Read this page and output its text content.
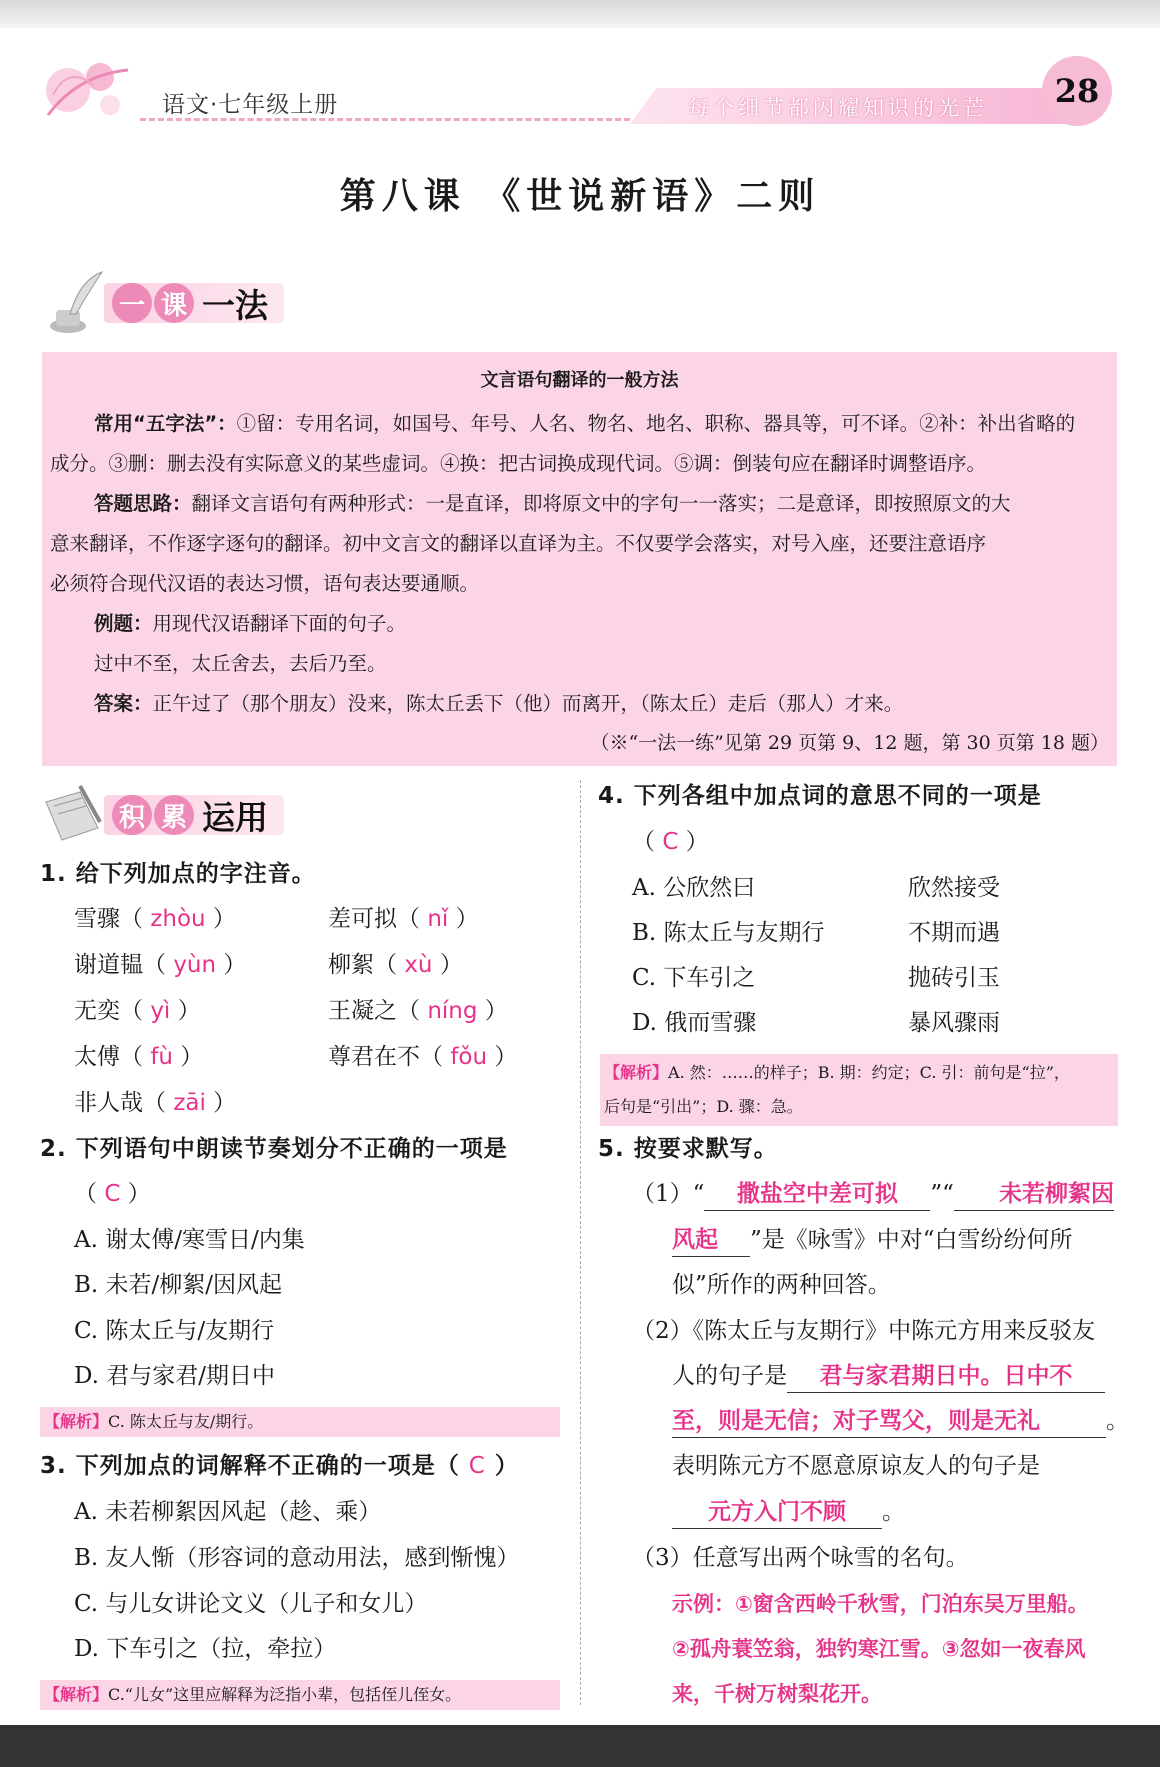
语文·七年级上册	每个细节都闪耀知识的光芒 28
第八课 《世说新语》二则
一 课 一法
文言语句翻译的一般方法
常用“五字法”：①留：专用名词，如国号、年号、人名、物名、地名、职称、器具等，可不译。②补：补出省略的
成分。③删：删去没有实际意义的某些虚词。④换：把古词换成现代词。⑤调：倒装句应在翻译时调整语序。
答题思路：翻译文言语句有两种形式：一是直译，即将原文中的字句一一落实；二是意译，即按照原文的大
意来翻译，不作逐字逐句的翻译。初中文言文的翻译以直译为主。不仅要学会落实，对号入座，还要注意语序
必须符合现代汉语的表达习惯，语句表达要通顺。
例题：用现代汉语翻译下面的句子。
过中不至，太丘舍去，去后乃至。
答案：正午过了（那个朋友）没来，陈太丘丢下（他）而离开，（陈太丘）走后（那人）才来。
（※“一法一练”见第 29 页第 9、12 题，第 30 页第 18 题）
积 累 运用
1. 给下列加点的字注音。
雪骤（ zhòu ）	差可拟（ nǐ ）
谢道韫（ yùn ）	柳絮（ xù ）
无奕（ yì ）	王凝之（ níng ）
太傅（ fù ）	尊君在不（ fǒu ）
非人哉（ zāi ）
2. 下列语句中朗读节奏划分不正确的一项是
（ C ）
A. 谢太傅/寒雪日/内集
B. 未若/柳絮/因风起
C. 陈太丘与/友期行
D. 君与家君/期日中
【解析】C. 陈太丘与友/期行。
3. 下列加点的词解释不正确的一项是（ C ）
A. 未若柳絮因风起（趁、乘）
B. 友人惭（形容词的意动用法，感到惭愧）
C. 与儿女讲论文义（儿子和女儿）
D. 下车引之（拉，牵拉）
【解析】C.“儿女”这里应解释为泛指小辈，包括侄儿侄女。
4. 下列各组中加点词的意思不同的一项是
（ C ）
A. 公欣然曰	欣然接受
B. 陈太丘与友期行	不期而遇
C. 下车引之	抛砖引玉
D. 俄而雪骤	暴风骤雨
【解析】A. 然：……的样子；B. 期：约定；C. 引：前句是“拉”，
后句是“引出”；D. 骤：急。
5. 按要求默写。
（1）“ 撒盐空中差可拟 ”“ 未若柳絮因
风起 ”是《咏雪》中对“白雪纷纷何所
似”所作的两种回答。
（2）《陈太丘与友期行》中陈元方用来反驳友
人的句子是 君与家君期日中。日中不
至，则是无信；对子骂父，则是无礼	。
表明陈元方不愿意原谅友人的句子是
元方入门不顾 。
（3）任意写出两个咏雪的名句。
示例：①窗含西岭千秋雪，门泊东吴万里船。
②孤舟蓑笠翁，独钓寒江雪。③忽如一夜春风
来，千树万树梨花开。
